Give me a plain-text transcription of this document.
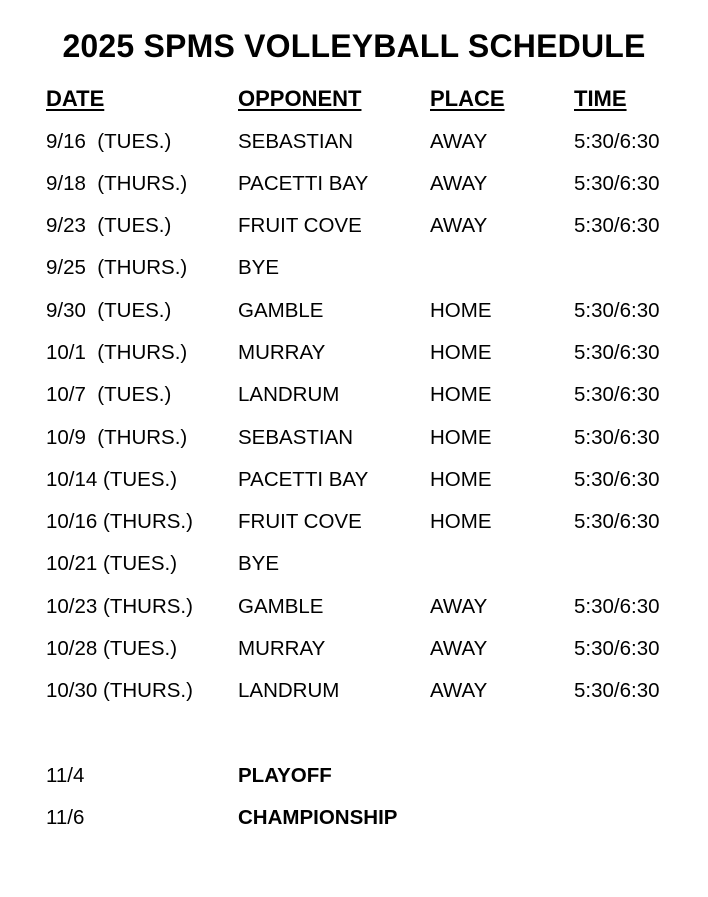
2025 SPMS VOLLEYBALL SCHEDULE
DATE	OPPONENT	PLACE	TIME
9/16  (TUES.)	SEBASTIAN	AWAY	5:30/6:30
9/18  (THURS.) PACETTI BAY	AWAY	5:30/6:30
9/23  (TUES.)	FRUIT COVE	AWAY	5:30/6:30
9/25  (THURS.) BYE
9/30  (TUES.)	GAMBLE	HOME	5:30/6:30
10/1  (THURS.) MURRAY	HOME	5:30/6:30
10/7  (TUES.)	LANDRUM	HOME	5:30/6:30
10/9  (THURS.) SEBASTIAN	HOME	5:30/6:30
10/14 (TUES.)	PACETTI BAY	HOME	5:30/6:30
10/16 (THURS.) FRUIT COVE	HOME	5:30/6:30
10/21 (TUES.)	BYE
10/23 (THURS.) GAMBLE	AWAY	5:30/6:30
10/28 (TUES.)	MURRAY	AWAY	5:30/6:30
10/30 (THURS.) LANDRUM	AWAY	5:30/6:30
11/4	PLAYOFF
11/6	CHAMPIONSHIP
